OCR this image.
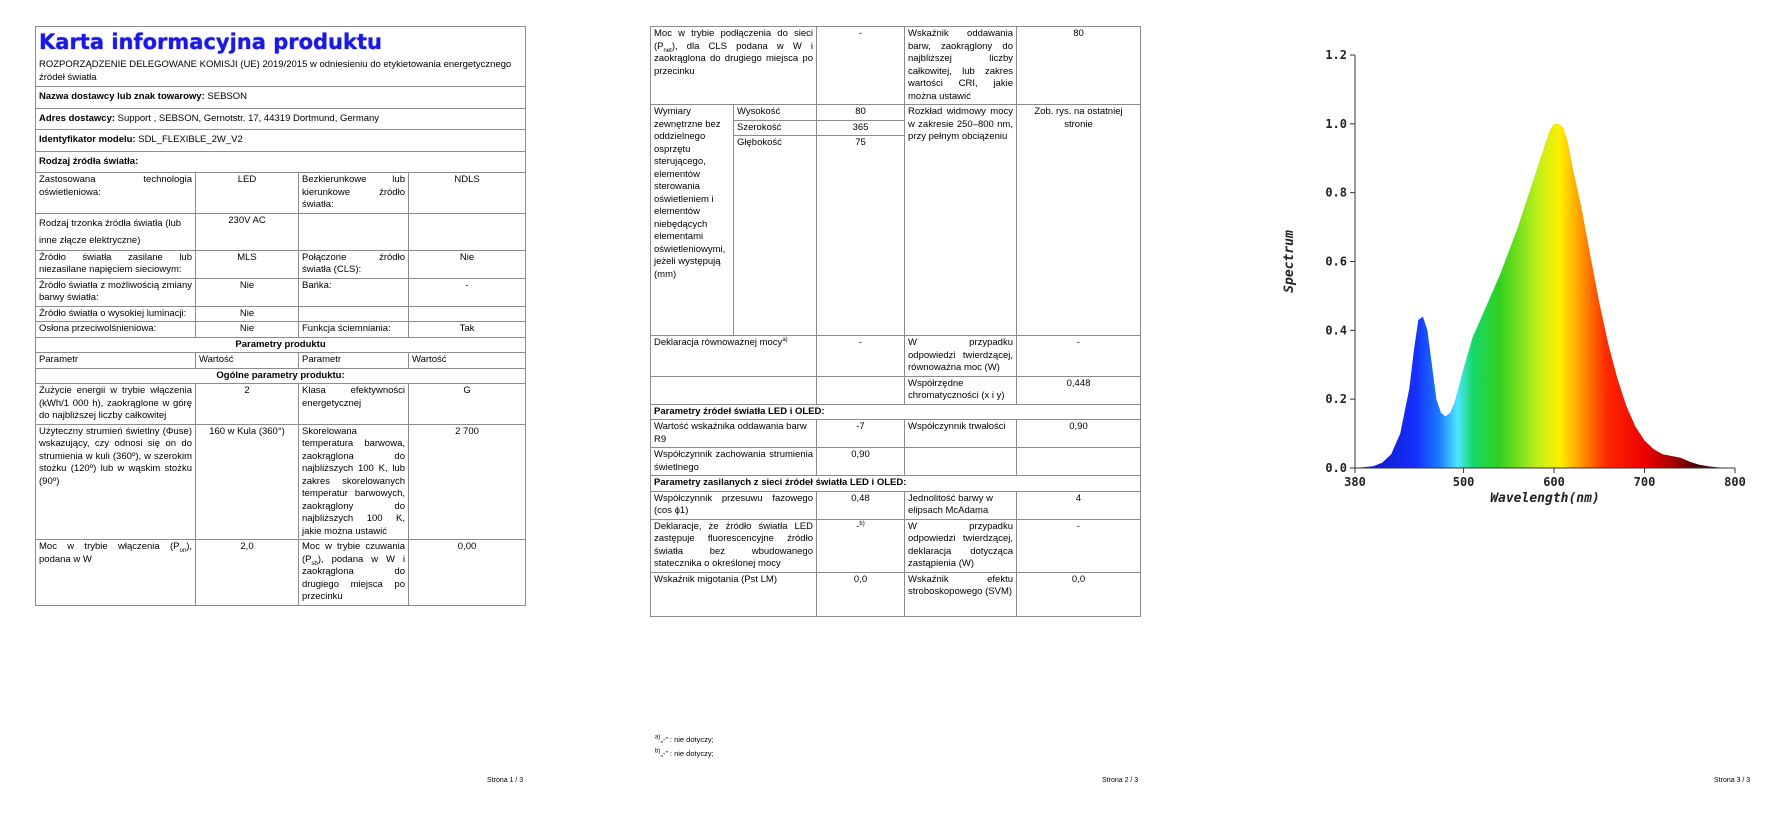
Strona 1 / 3	Strona 2 / 3	Strona 3 / 3
Karta informacyjna produktu
ROZPORZĄDZENIE DELEGOWANE KOMISJI (UE) 2019/2015 w odniesieniu do etykietowania energetycznego źródeł światła			

Nazwa dostawcy lub znak towarowy: SEBSON			
Adres dostawcy: Support , SEBSON, Gernotstr. 17, 44319 Dortmund, Germany			
Identyfikator modelu: SDL_FLEXIBLE_2W_V2			
Rodzaj źródła światła:			
Zastosowana technologia oświetleniowa:	LED	Bezkierunkowe lub kierunkowe źródło światła:	NDLS
Rodzaj trzonka źródła światła (lub inne złącze elektryczne)	230V AC		
Źródło światła zasilane lub niezasilane napięciem sieciowym:	MLS	Połączone źródło światła (CLS):	Nie
Źródło światła z możliwością zmiany barwy światła:	Nie	Bańka:	-
Źródło światła o wysokiej luminacji:	Nie		
Osłona przeciwolśnieniowa:	Nie	Funkcja ściemniania:	Tak
Parametry produktu			
Parametr	Wartość	Parametr	Wartość
Ogólne parametry produktu:			
Zużycie energii w trybie włączenia (kWh/1 000 h), zaokrąglone w górę do najbliższej liczby całkowitej	2	Klasa efektywności energetycznej	G
Użyteczny strumień świetlny (Φuse) wskazujący, czy odnosi się on do strumienia w kuli (360º), w szerokim stożku (120º) lub w wąskim stożku (90º)	160 w Kula (360°)	Skorelowana temperatura barwowa, zaokrąglona do najbliższych 100 K, lub zakres skorelowanych temperatur barwowych, zaokrąglony do najbliższych 100 K, jakie można ustawić	2 700
Moc w trybie włączenia $(P_{on})$, podana w W	2,0	Moc w trybie czuwania $(P_{sb})$, podana w W i zaokrąglona do drugiego miejsca po przecinku	0,00
Moc w trybie podłączenia do sieci $(P_{net})$, dla CLS podana w W i zaokrąglona do drugiego miejsca po przecinku		-	Wskaźnik oddawania barw, zaokrąglony do najbliższej liczby całkowitej, lub zakres wartości CRI, jakie można ustawić	80
Wymiary zewnętrzne bez oddzielnego osprzętu sterującego, elementów sterowania oświetleniem i elementów niebędących elementami oświetleniowymi, jeżeli występują (mm)	Wysokość	80	Rozkład widmowy mocy w zakresie 250–800 nm, przy pełnym obciążeniu	Zob. rys. na ostatniej stronie
	Szerokość	365		
	Głębokość	75		
Deklaracja równoważnej mocy$^{a)}$		-	W przypadku odpowiedzi twierdzącej, równoważna moc (W)	-
			Współrzędne chromatyczności (x i y)	0,448
Parametry źródeł światła LED i OLED:				
Wartość wskaźnika oddawania barw R9		-7	Współczynnik trwałości	0,90
Współczynnik zachowania strumienia świetlnego		0,90		
Parametry zasilanych z sieci źródeł światła LED i OLED:				
Współczynnik przesuwu fazowego (cos ϕ1)		0,48	Jednolitość barwy w elipsach McAdama	4
Deklaracje, że źródło światła LED zastępuje fluorescencyjne źródło światła bez wbudowanego statecznika o określonej mocy		-$^{b)}$	W przypadku odpowiedzi twierdzącej, deklaracja dotycząca zastąpienia (W)	-
Wskaźnik migotania (Pst LM)		0,0	Wskaźnik efektu stroboskopowego (SVM)	0,0
$^{a)}$„-” : nie dotyczy;
$^{b)}$„-” : nie dotyczy;
0.0
0.2
0.4
0.6
0.8
1.0
1.2
380	500	600	700	800
Wavelength(nm)
Spectrum
